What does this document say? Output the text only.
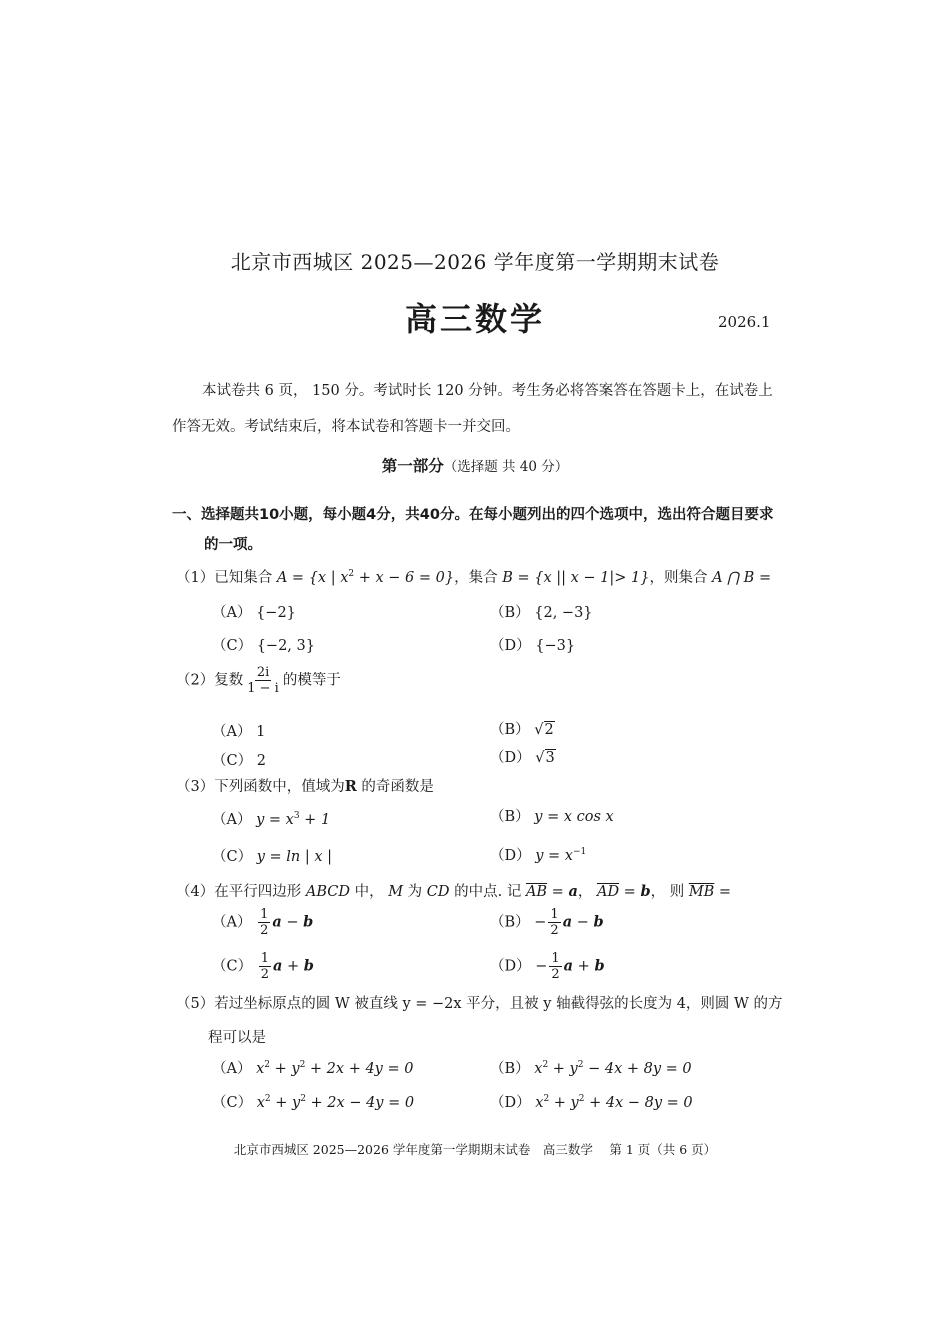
北京市西城区 2025—2026 学年度第一学期期末试卷
高三数学	2026.1
本试卷共 6 页， 150 分。考试时长 120 分钟。考生务必将答案答在答题卡上，在试卷上作答无效。考试结束后，将本试卷和答题卡一并交回。
第一部分（选择题 共 40 分）
一、选择题共10小题，每小题4分，共40分。在每小题列出的四个选项中，选出符合题目要求的一项。
（1）已知集合 A = {x | $x^2 + x - 6 = 0$}，集合 B = {x || x − 1|> 1}，则集合 A ⋂ B =
（A） {−2}	（B） {2, −3}
（C） {−2, 3}	（D） {−3}
（2）复数 $\frac{2i}{1 - i}$ 的模等于
（A） 1	（B） √2
（C） 2	（D） √3
（3）下列函数中，值域为R 的奇函数是
（A） $y = x^3 + 1$	（B） y = x cos x
（C） y = ln | x |	（D） $y = x^{-1}$
（4）在平行四边形 ABCD 中， M 为 CD 的中点. 记 $\overline{AB} = a$， $\overline{AD} = b$， 则 $\overline{MB}$ =
$(A) \frac{1}{2}$ a − b	$(B) - \frac{1}{2}$ a − b
$(C) \frac{1}{2}$ a + b	$(D) - \frac{1}{2}$ a + b
（5）若过坐标原点的圆 W 被直线 y = −2x 平分，且被 y 轴截得弦的长度为 4，则圆 W 的方程可以是
（A） $x^2 + y^2 + 2x + 4y = 0$	（B） $x^2 + y^2 - 4x + 8y = 0$
（C） $x^2 + y^2 + 2x - 4y = 0$	（D） $x^2 + y^2 + 4x - 8y = 0$
北京市西城区 2025—2026 学年度第一学期期末试卷　高三数学　 第 1 页（共 6 页）
